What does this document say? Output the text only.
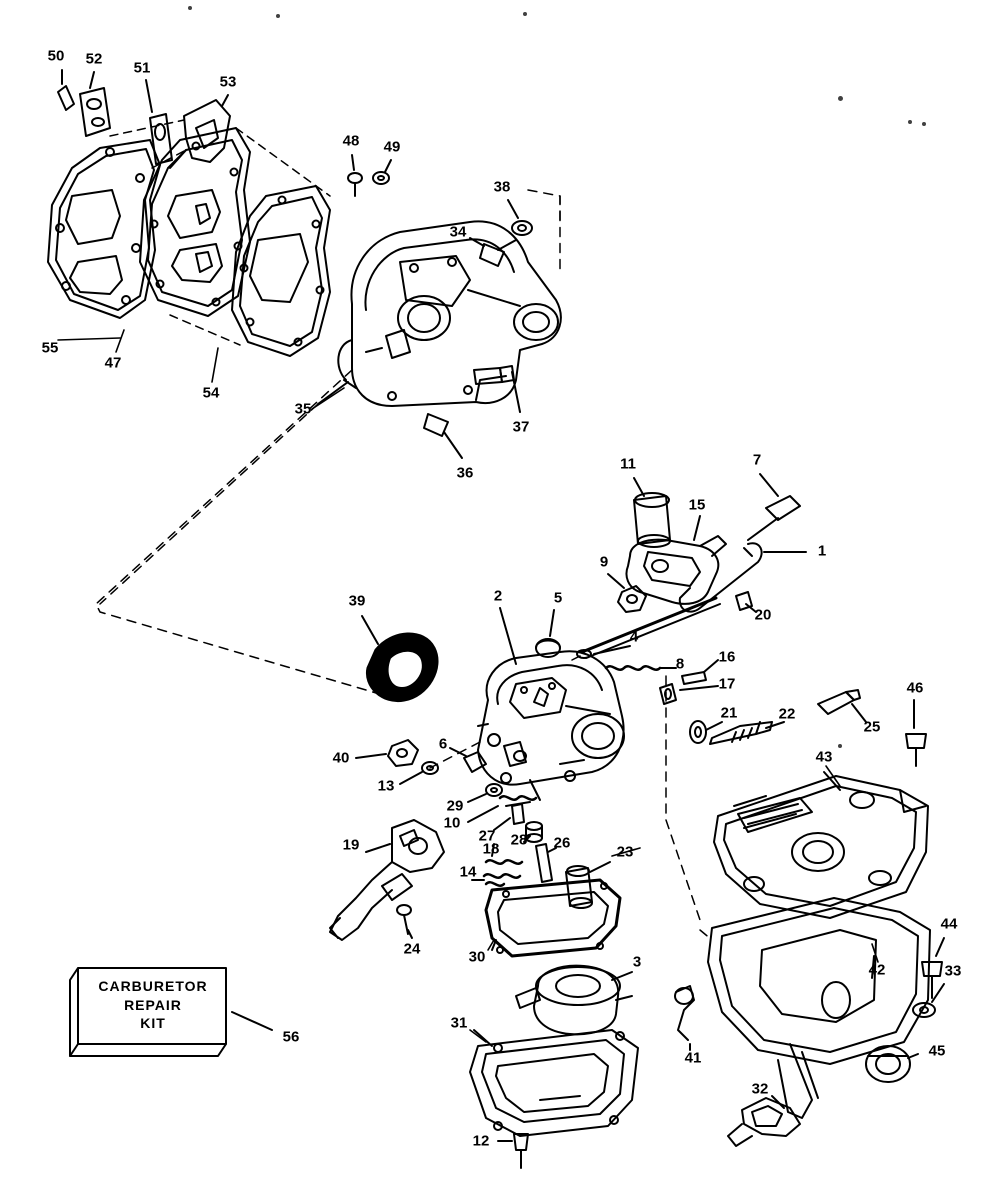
CARBURETOR
REPAIR
KIT
1
2
3
4
5
6
7
8
9
10
11
12
13
14
15
16
17
18
19
20
21	22
23
24
25
26
27 28
29
30
31
32
33
34
35
36
37
38
39
40
41
42
43
44
45
46
47
48 49
50
51
52
53
54
55
56
